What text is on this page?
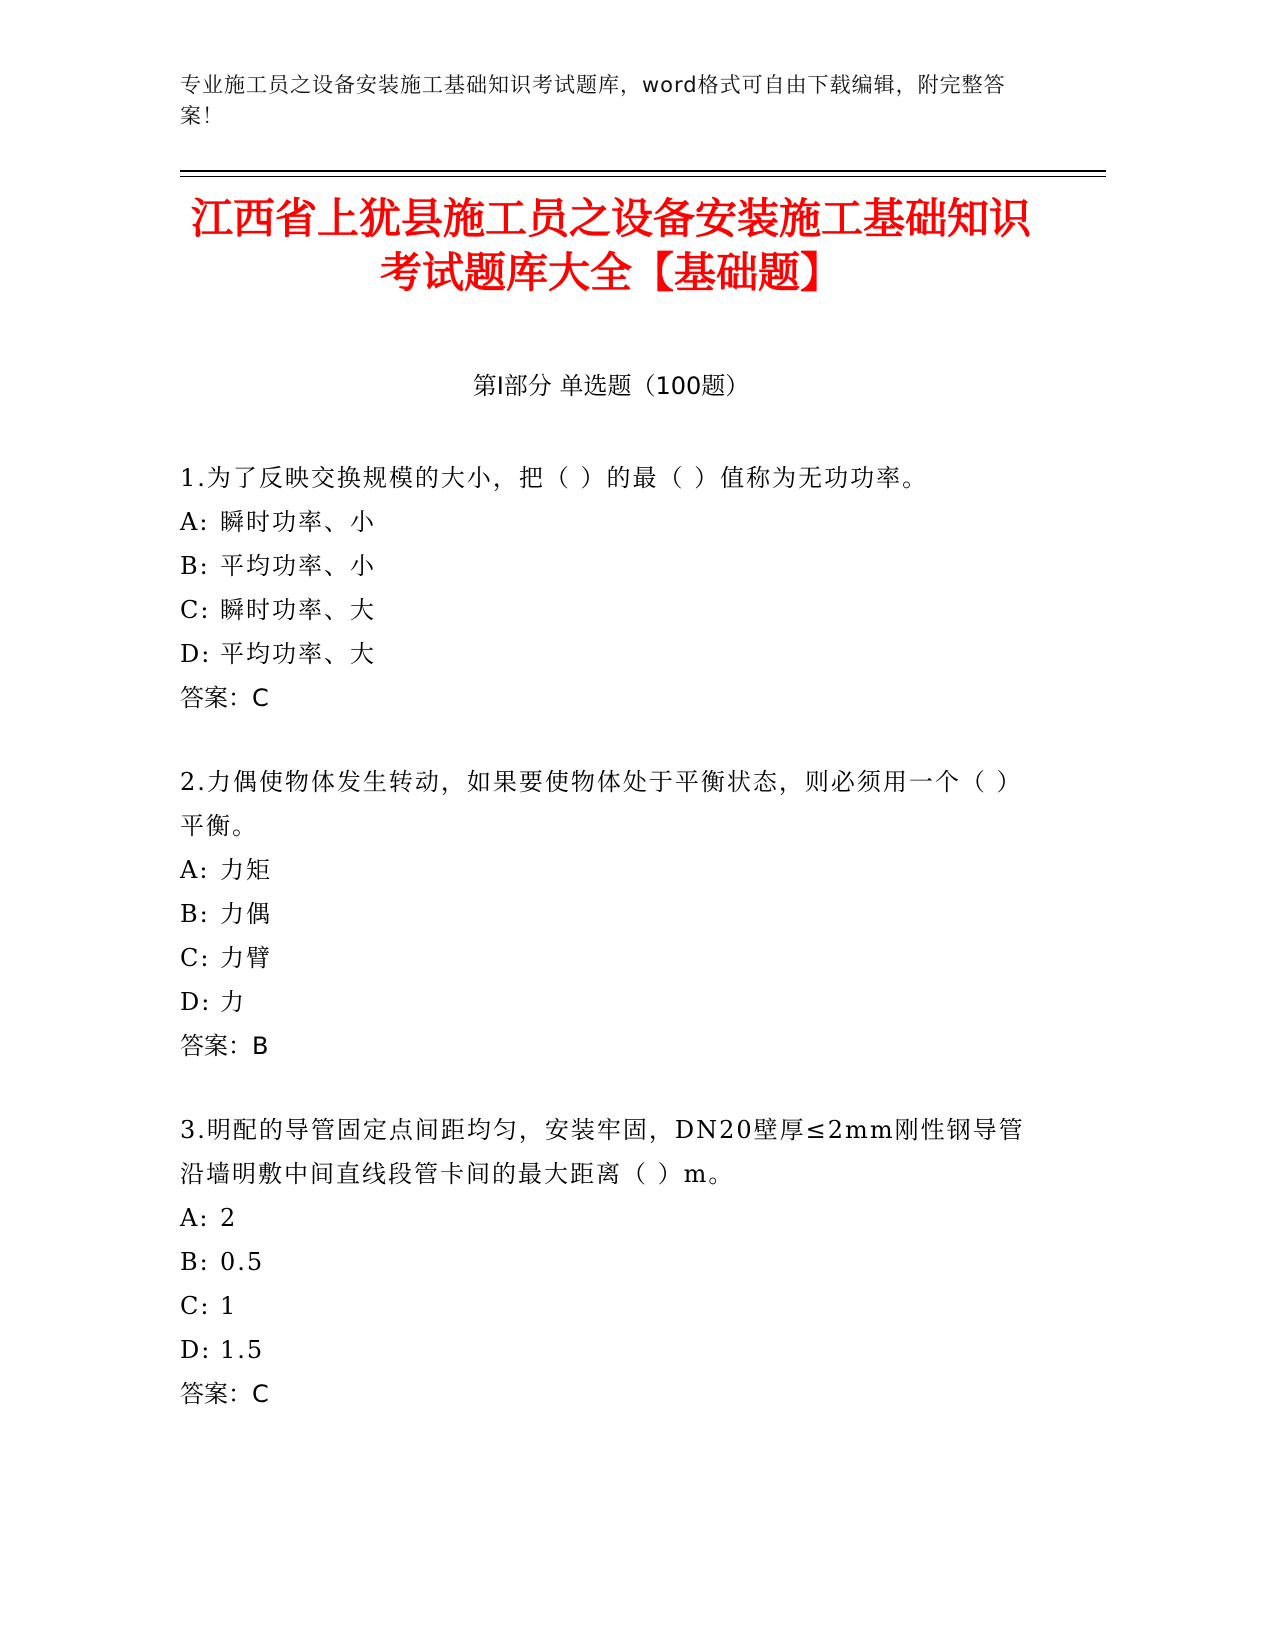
专业施工员之设备安装施工基础知识考试题库，word格式可自由下载编辑，附完整答案！
江西省上犹县施工员之设备安装施工基础知识考试题库大全【基础题】
第Ⅰ部分 单选题（100题）

1.为了反映交换规模的大小，把（ ）的最（ ）值称为无功功率。

A: 瞬时功率、小

B: 平均功率、小

C: 瞬时功率、大

D: 平均功率、大

答案：C

2.力偶使物体发生转动，如果要使物体处于平衡状态，则必须用一个（ ）平衡。

A: 力矩

B: 力偶

C: 力臂

D: 力

答案：B

3.明配的导管固定点间距均匀，安装牢固，DN20壁厚≤2mm刚性钢导管沿墙明敷中间直线段管卡间的最大距离（ ）m。

A: 2

B: 0.5

C: 1

D: 1.5

答案：C
